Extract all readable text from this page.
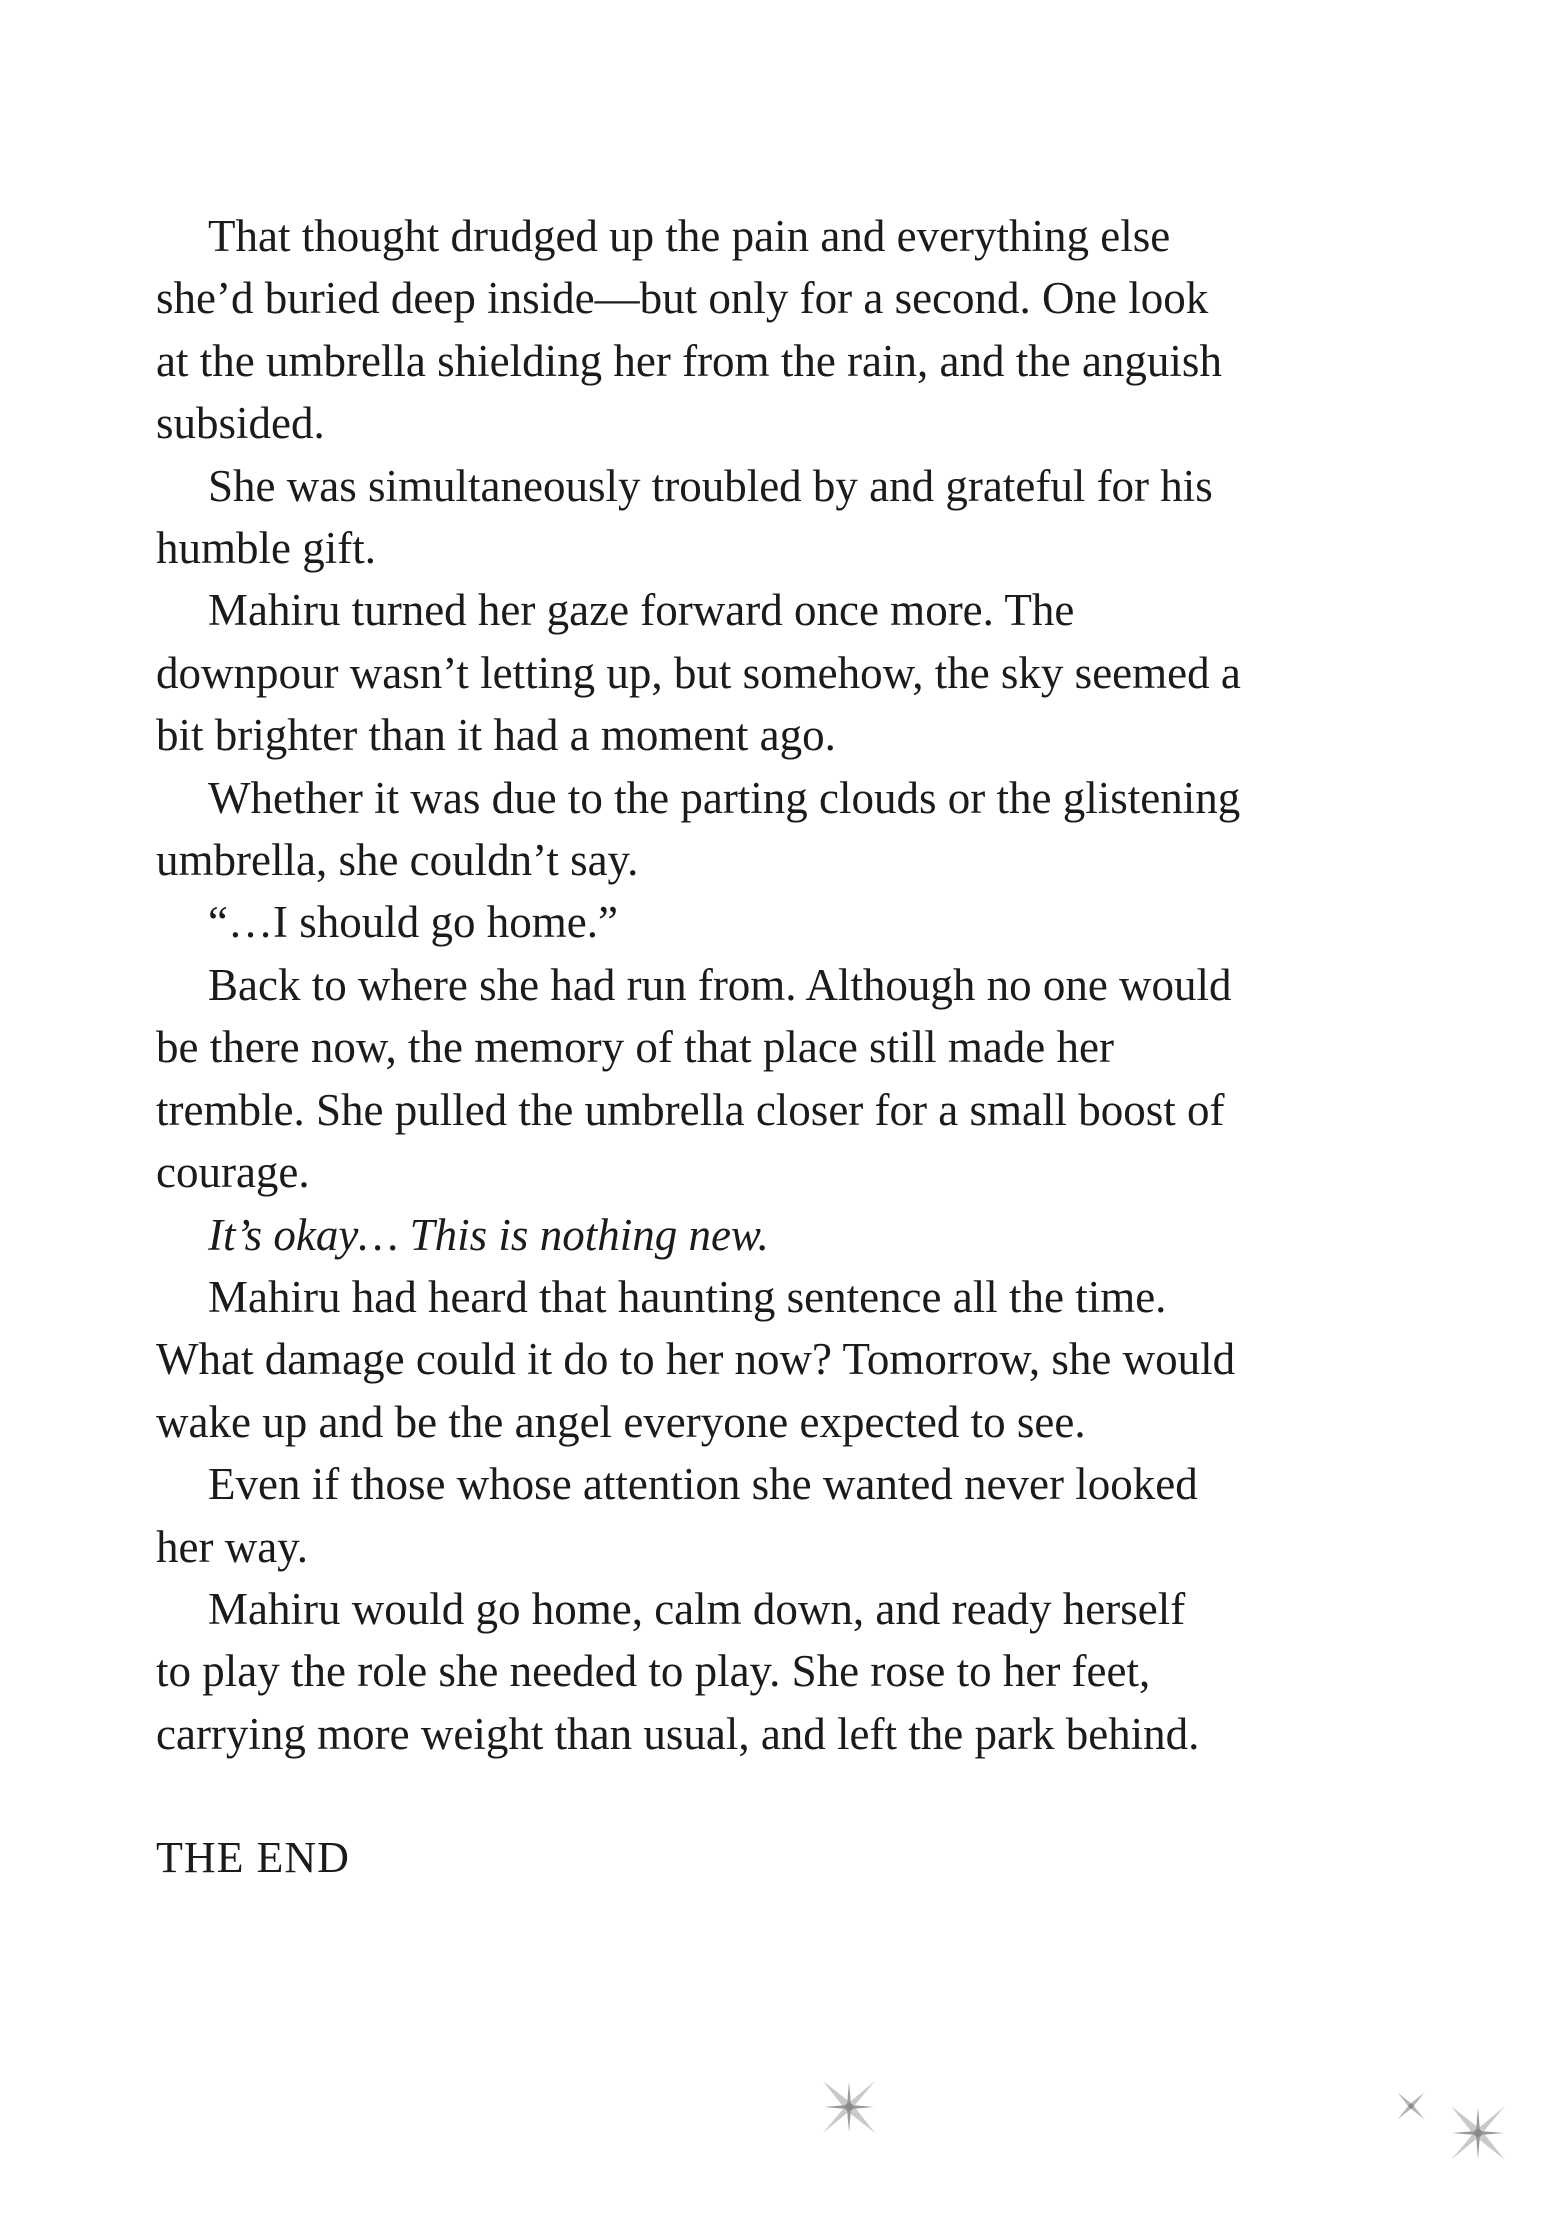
That thought drudged up the pain and everything else
she’d buried deep inside—but only for a second. One look
at the umbrella shielding her from the rain, and the anguish
subsided.

She was simultaneously troubled by and grateful for his
humble gift.

Mahiru turned her gaze forward once more. The
downpour wasn’t letting up, but somehow, the sky seemed a
bit brighter than it had a moment ago.

Whether it was due to the parting clouds or the glistening
umbrella, she couldn’t say.

“…I should go home.”

Back to where she had run from. Although no one would
be there now, the memory of that place still made her
tremble. She pulled the umbrella closer for a small boost of
courage.

It’s okay… This is nothing new.

Mahiru had heard that haunting sentence all the time.
What damage could it do to her now? Tomorrow, she would
wake up and be the angel everyone expected to see.

Even if those whose attention she wanted never looked
her way.

Mahiru would go home, calm down, and ready herself
to play the role she needed to play. She rose to her feet,
carrying more weight than usual, and left the park behind.

THE END
